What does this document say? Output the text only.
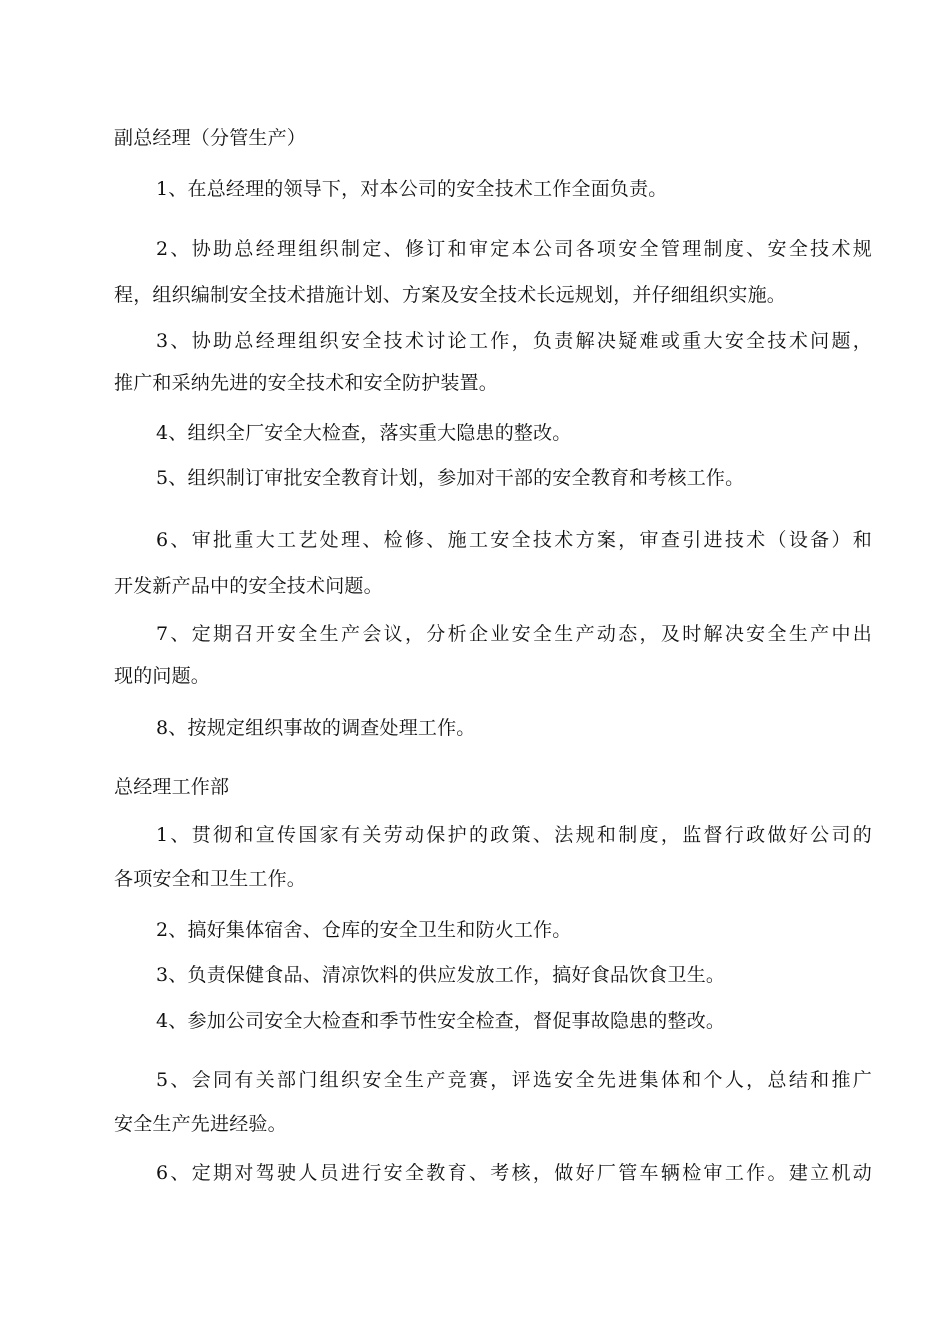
副总经理（分管生产）
1、在总经理的领导下，对本公司的安全技术工作全面负责。
2、协助总经理组织制定、修订和审定本公司各项安全管理制度、安全技术规
程，组织编制安全技术措施计划、方案及安全技术长远规划，并仔细组织实施。
3、协助总经理组织安全技术讨论工作，负责解决疑难或重大安全技术问题，
推广和采纳先进的安全技术和安全防护装置。
4、组织全厂安全大检查，落实重大隐患的整改。
5、组织制订审批安全教育计划，参加对干部的安全教育和考核工作。
6、审批重大工艺处理、检修、施工安全技术方案，审查引进技术（设备）和
开发新产品中的安全技术问题。
7、定期召开安全生产会议，分析企业安全生产动态，及时解决安全生产中出
现的问题。
8、按规定组织事故的调查处理工作。
总经理工作部
1、贯彻和宣传国家有关劳动保护的政策、法规和制度，监督行政做好公司的
各项安全和卫生工作。
2、搞好集体宿舍、仓库的安全卫生和防火工作。
3、负责保健食品、清凉饮料的供应发放工作，搞好食品饮食卫生。
4、参加公司安全大检查和季节性安全检查，督促事故隐患的整改。
5、会同有关部门组织安全生产竞赛，评选安全先进集体和个人，总结和推广
安全生产先进经验。
6、定期对驾驶人员进行安全教育、考核，做好厂管车辆检审工作。建立机动
